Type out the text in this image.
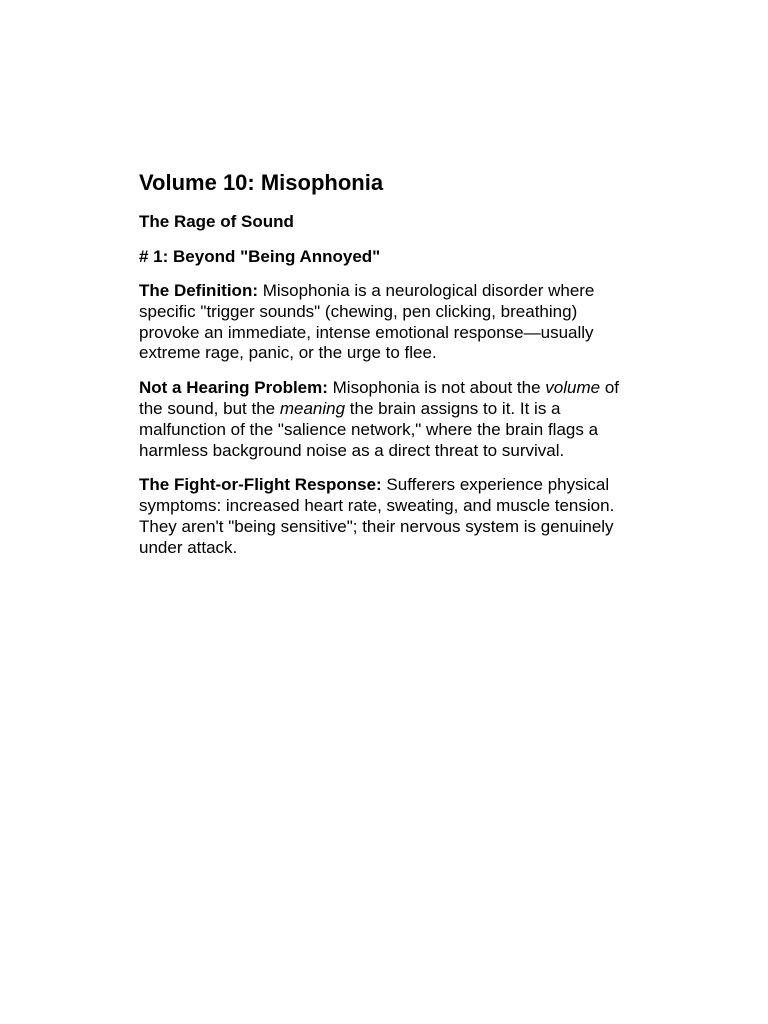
Volume 10: Misophonia
The Rage of Sound
# 1: Beyond "Being Annoyed"

The Definition: Misophonia is a neurological disorder where specific "trigger sounds" (chewing, pen clicking, breathing) provoke an immediate, intense emotional response—usually extreme rage, panic, or the urge to flee.

Not a Hearing Problem: Misophonia is not about the volume of the sound, but the meaning the brain assigns to it. It is a malfunction of the "salience network," where the brain flags a harmless background noise as a direct threat to survival.

The Fight-or-Flight Response: Sufferers experience physical symptoms: increased heart rate, sweating, and muscle tension. They aren't "being sensitive"; their nervous system is genuinely under attack.
